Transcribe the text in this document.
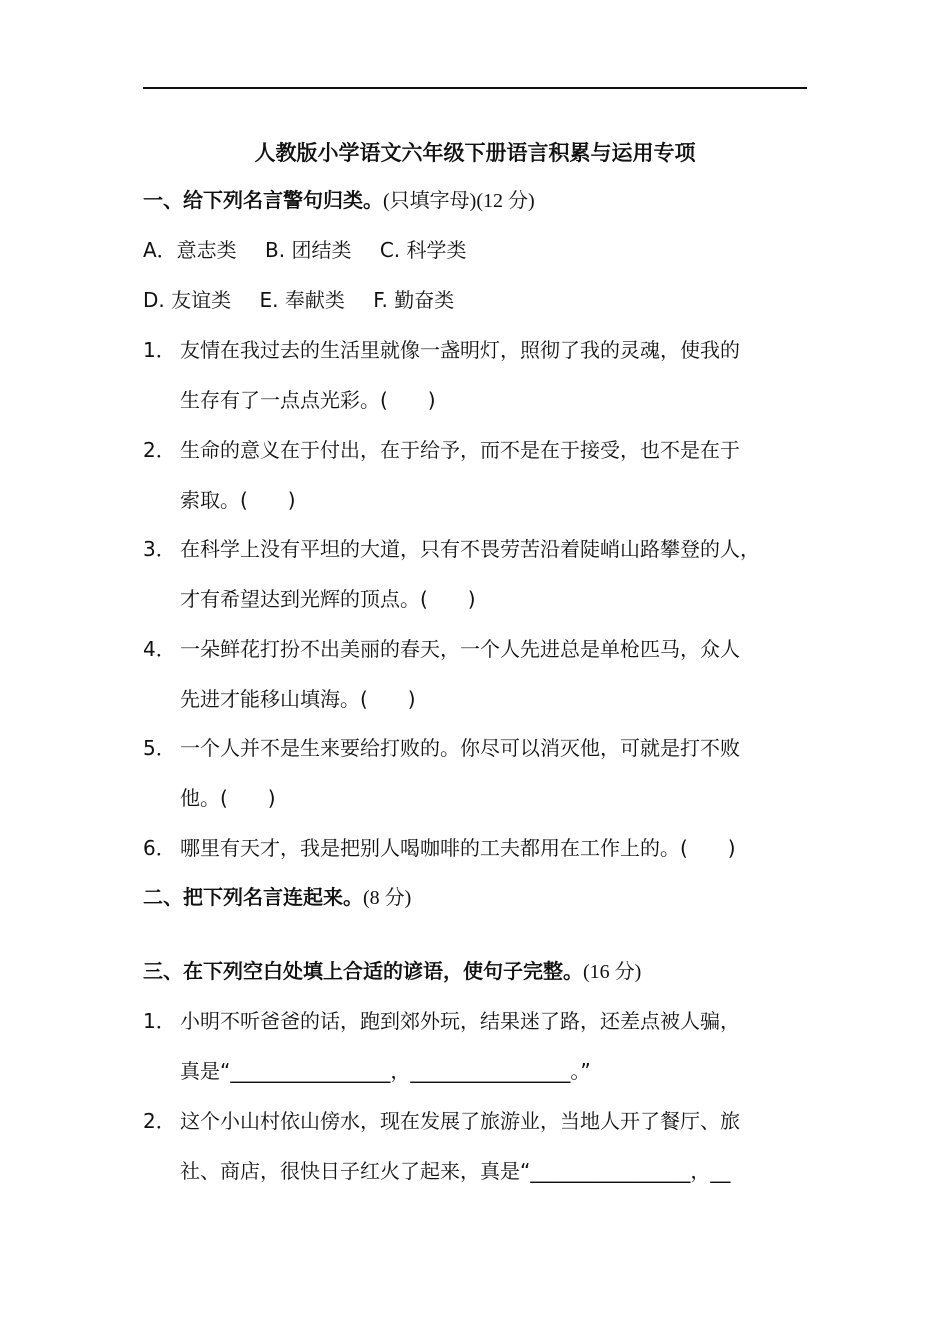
人教版小学语文六年级下册语言积累与运用专项
一、给下列名言警句归类。(只填字母)(12 分)
A．意志类 B. 团结类 C. 科学类
D. 友谊类 E. 奉献类 F. 勤奋类
1． 友情在我过去的生活里就像一盏明灯，照彻了我的灵魂，使我的
生存有了一点点光彩。(　　)
2． 生命的意义在于付出，在于给予，而不是在于接受，也不是在于
索取。(　　)
3． 在科学上没有平坦的大道，只有不畏劳苦沿着陡峭山路攀登的人，
才有希望达到光辉的顶点。(　　)
4． 一朵鲜花打扮不出美丽的春天，一个人先进总是单枪匹马，众人
先进才能移山填海。(　　)
5． 一个人并不是生来要给打败的。你尽可以消灭他，可就是打不败
他。(　　)
6． 哪里有天才，我是把别人喝咖啡的工夫都用在工作上的。(　　)
二、把下列名言连起来。(8 分)
三、在下列空白处填上合适的谚语，使句子完整。(16 分)
1． 小明不听爸爸的话，跑到郊外玩，结果迷了路，还差点被人骗，
真是“________________，________________。”
2． 这个小山村依山傍水，现在发展了旅游业，当地人开了餐厅、旅
社、商店，很快日子红火了起来，真是“________________，__
